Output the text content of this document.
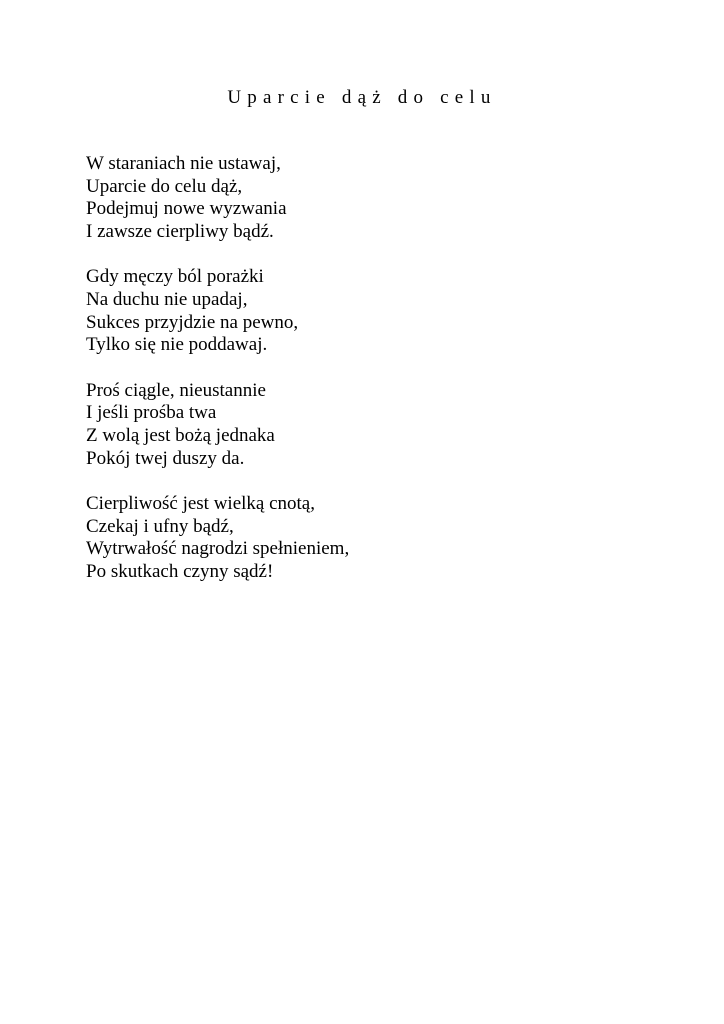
Uparcie dąż do celu
W staraniach nie ustawaj,
Uparcie do celu dąż,
Podejmuj nowe wyzwania
I zawsze cierpliwy bądź.
Gdy męczy ból porażki
Na duchu nie upadaj,
Sukces przyjdzie na pewno,
Tylko się nie poddawaj.
Proś ciągle, nieustannie
I jeśli prośba twa
Z wolą jest bożą jednaka
Pokój twej duszy da.
Cierpliwość jest wielką cnotą,
Czekaj i ufny bądź,
Wytrwałość nagrodzi spełnieniem,
Po skutkach czyny sądź!
